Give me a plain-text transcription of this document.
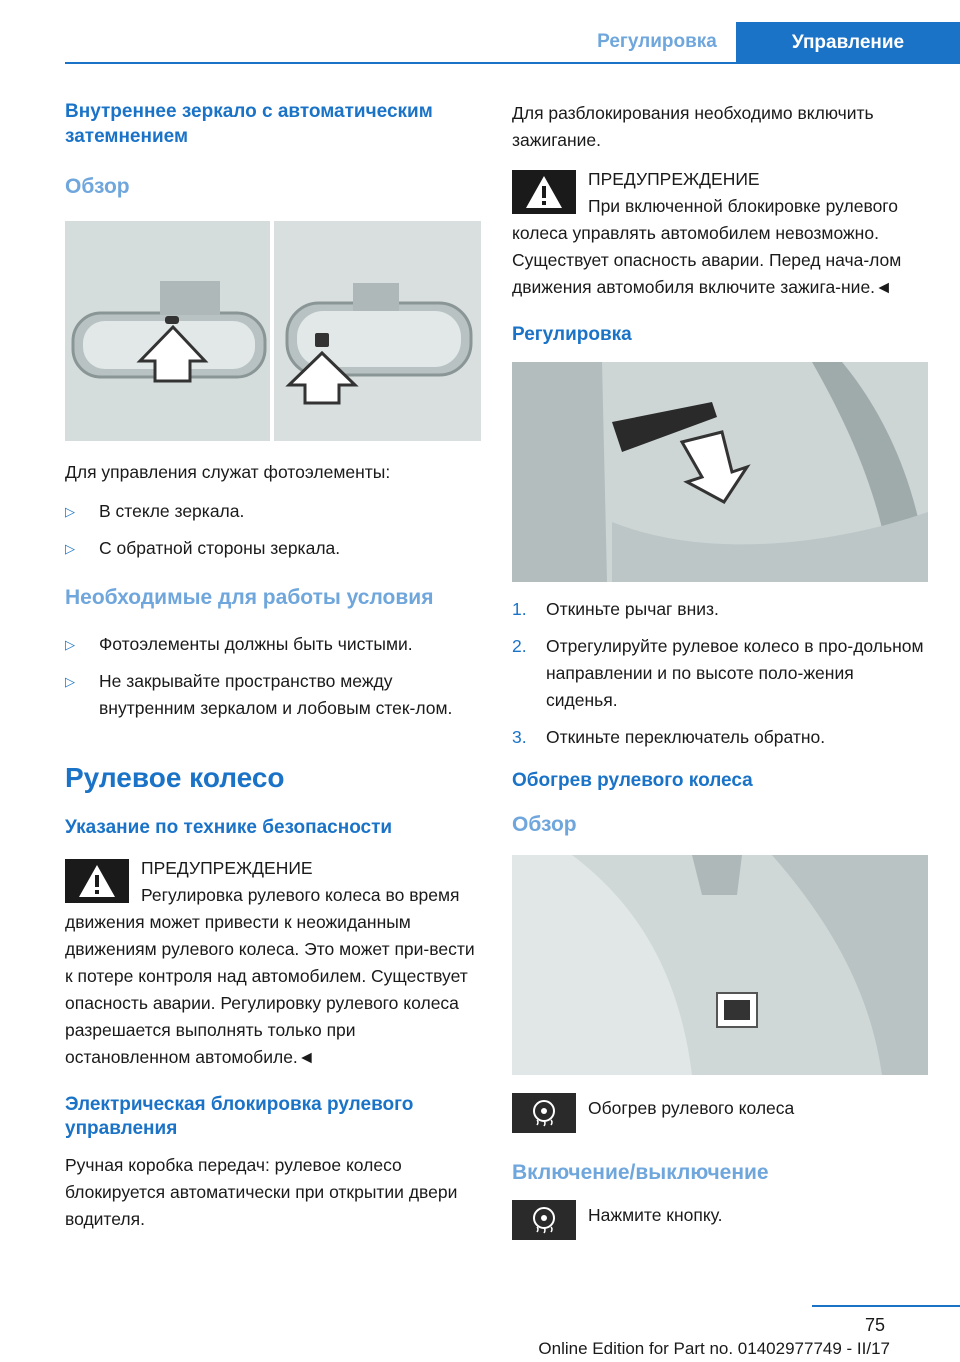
Регулировка	Управление
Внутреннее зеркало с автоматическим затемнением
Обзор

Для управления служат фотоэлементы:

▷ В стекле зеркала.
▷ С обратной стороны зеркала.
Необходимые для работы условия
▷ Фотоэлементы должны быть чистыми.
▷ Не закрывайте пространство между внутренним зеркалом и лобовым стек-лом.
Рулевое колесо
Указание по технике безопасности

ПРЕДУПРЕЖДЕНИЕ

Регулировка рулевого колеса во время движения может привести к неожиданным движениям рулевого колеса. Это может при-вести к потере контроля над автомобилем. Существует опасность аварии. Регулировку рулевого колеса разрешается выполнять только при остановленном автомобиле.◄

Электрическая блокировка рулевого управления

Ручная коробка передач: рулевое колесо блокируется автоматически при открытии двери водителя.

Для разблокирования необходимо включить зажигание.

ПРЕДУПРЕЖДЕНИЕ

При включенной блокировке рулевого колеса управлять автомобилем невозможно. Существует опасность аварии. Перед нача-лом движения автомобиля включите зажига-ние.◄

Регулировка
1. Откиньте рычаг вниз.
2. Отрегулируйте рулевое колесо в про-дольном направлении и по высоте поло-жения сиденья.
3. Откиньте переключатель обратно.
Обогрев рулевого колеса
Обзор

Обогрев рулевого колеса

Включение/выключение

Нажмите кнопку.

75
Online Edition for Part no. 01402977749 - II/17
